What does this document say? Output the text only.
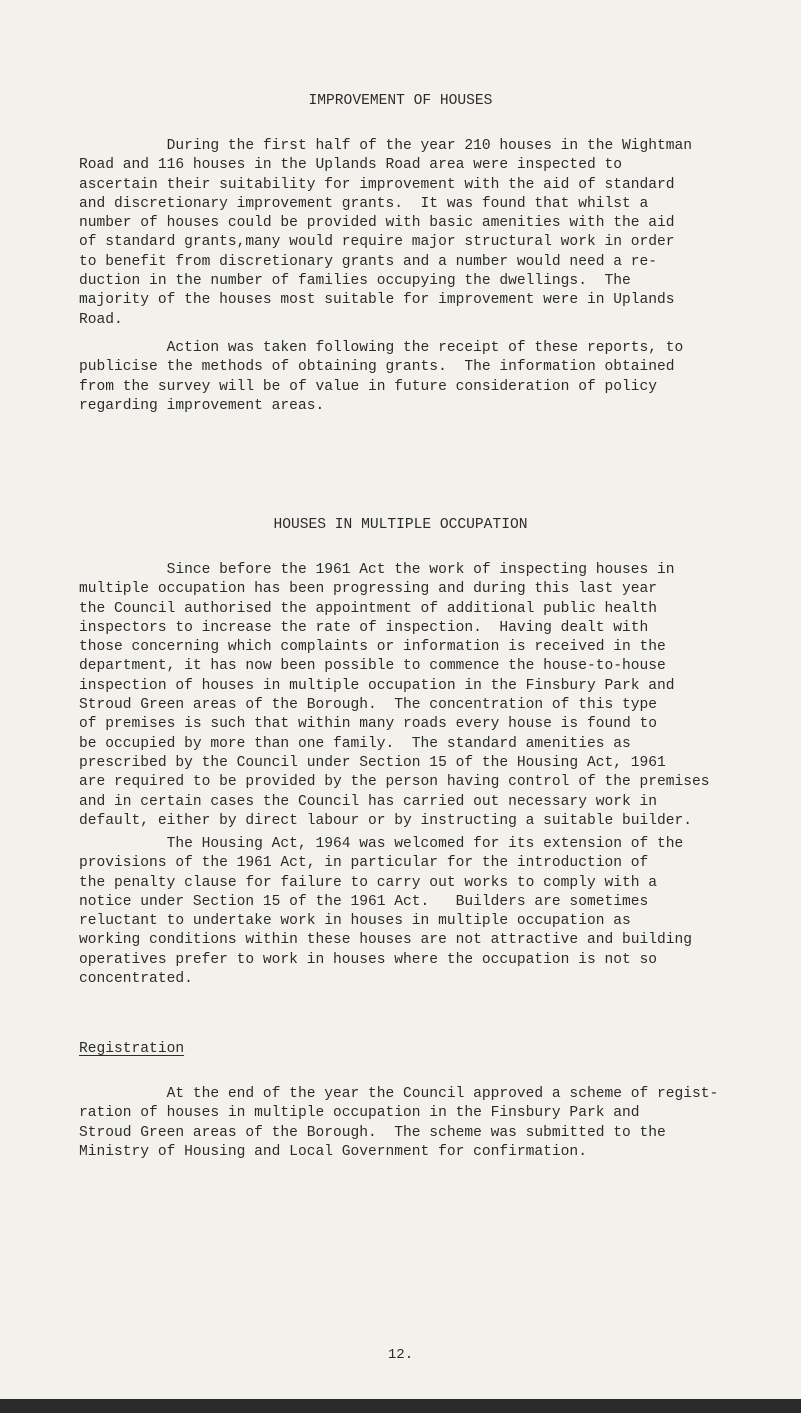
IMPROVEMENT OF HOUSES

During the first half of the year 210 houses in the Wightman
Road and 116 houses in the Uplands Road area were inspected to
ascertain their suitability for improvement with the aid of standard
and discretionary improvement grants.  It was found that whilst a
number of houses could be provided with basic amenities with the aid
of standard grants,many would require major structural work in order
to benefit from discretionary grants and a number would need a re-
duction in the number of families occupying the dwellings.  The
majority of the houses most suitable for improvement were in Uplands
Road.

Action was taken following the receipt of these reports, to
publicise the methods of obtaining grants.  The information obtained
from the survey will be of value in future consideration of policy
regarding improvement areas.

HOUSES IN MULTIPLE OCCUPATION

Since before the 1961 Act the work of inspecting houses in
multiple occupation has been progressing and during this last year
the Council authorised the appointment of additional public health
inspectors to increase the rate of inspection.  Having dealt with
those concerning which complaints or information is received in the
department, it has now been possible to commence the house-to-house
inspection of houses in multiple occupation in the Finsbury Park and
Stroud Green areas of the Borough.  The concentration of this type
of premises is such that within many roads every house is found to
be occupied by more than one family.  The standard amenities as
prescribed by the Council under Section 15 of the Housing Act, 1961
are required to be provided by the person having control of the premises
and in certain cases the Council has carried out necessary work in
default, either by direct labour or by instructing a suitable builder.

The Housing Act, 1964 was welcomed for its extension of the
provisions of the 1961 Act, in particular for the introduction of
the penalty clause for failure to carry out works to comply with a
notice under Section 15 of the 1961 Act.   Builders are sometimes
reluctant to undertake work in houses in multiple occupation as
working conditions within these houses are not attractive and building
operatives prefer to work in houses where the occupation is not so
concentrated.

Registration

At the end of the year the Council approved a scheme of regist-
ration of houses in multiple occupation in the Finsbury Park and
Stroud Green areas of the Borough.  The scheme was submitted to the
Ministry of Housing and Local Government for confirmation.

12.
